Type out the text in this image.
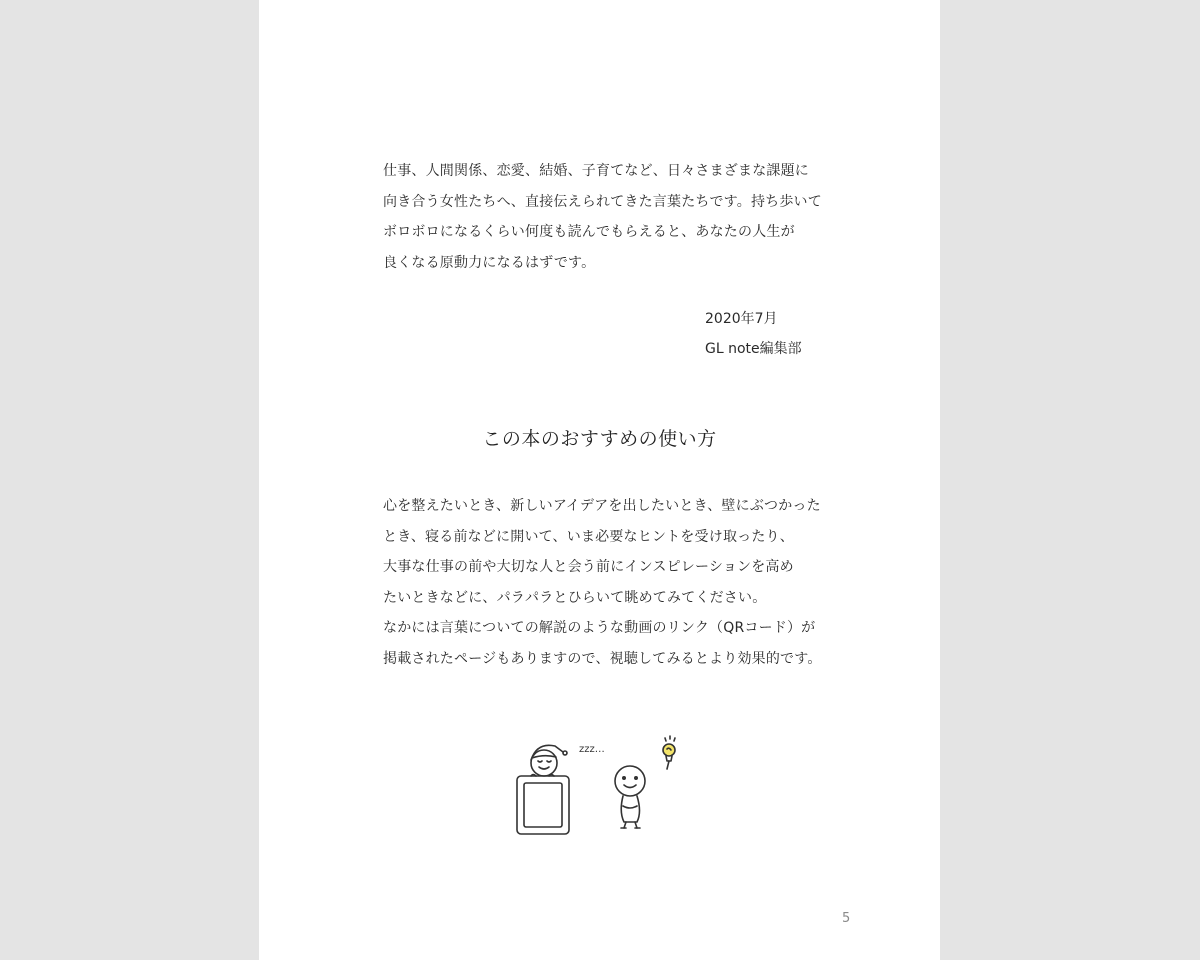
仕事、人間関係、恋愛、結婚、子育てなど、日々さまざまな課題に

向き合う女性たちへ、直接伝えられてきた言葉たちです。持ち歩いて

ボロボロになるくらい何度も読んでもらえると、あなたの人生が

良くなる原動力になるはずです。

2020年7月
GL note編集部
この本のおすすめの使い方

心を整えたいとき、新しいアイデアを出したいとき、壁にぶつかった

とき、寝る前などに開いて、いま必要なヒントを受け取ったり、

大事な仕事の前や大切な人と会う前にインスピレーションを高め

たいときなどに、パラパラとひらいて眺めてみてください。

なかには言葉についての解説のような動画のリンク（QRコード）が

掲載されたページもありますので、視聴してみるとより効果的です。

zzz…
5
